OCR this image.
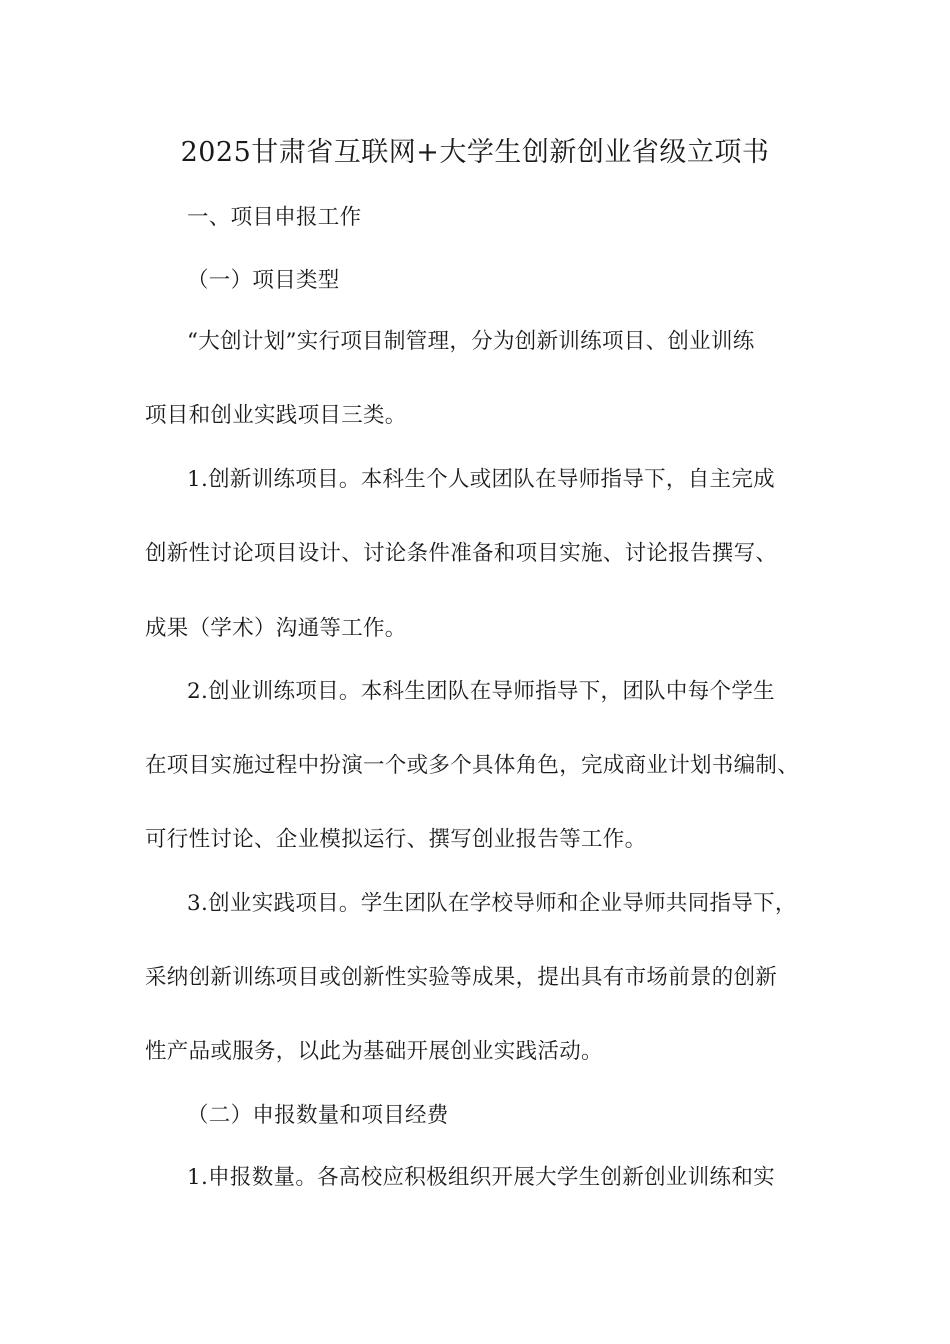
2025甘肃省互联网+大学生创新创业省级立项书
一、项目申报工作
（一）项目类型
“大创计划”实行项目制管理，分为创新训练项目、创业训练
项目和创业实践项目三类。
1.创新训练项目。本科生个人或团队在导师指导下，自主完成
创新性讨论项目设计、讨论条件准备和项目实施、讨论报告撰写、
成果（学术）沟通等工作。
2.创业训练项目。本科生团队在导师指导下，团队中每个学生
在项目实施过程中扮演一个或多个具体角色，完成商业计划书编制、
可行性讨论、企业模拟运行、撰写创业报告等工作。
3.创业实践项目。学生团队在学校导师和企业导师共同指导下，
采纳创新训练项目或创新性实验等成果，提出具有市场前景的创新
性产品或服务，以此为基础开展创业实践活动。
（二）申报数量和项目经费
1.申报数量。各高校应积极组织开展大学生创新创业训练和实
